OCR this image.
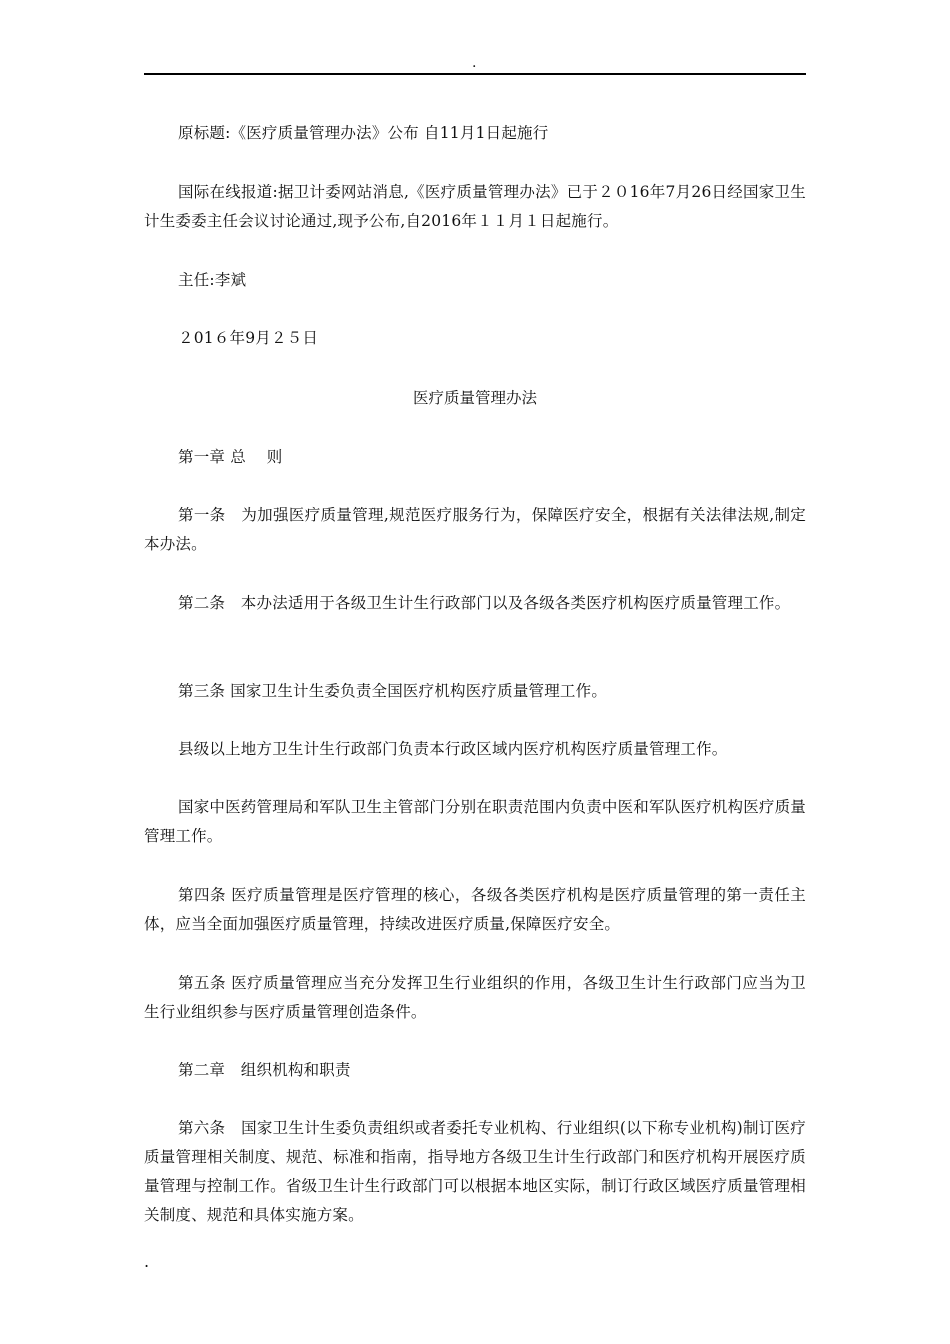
.

原标题:《医疗质量管理办法》公布 自11月1日起施行

国际在线报道:据卫计委网站消息,《医疗质量管理办法》已于２０16年7月26日经国家卫生计生委委主任会议讨论通过,现予公布,自2016年１１月１日起施行。

主任:李斌

２01６年9月２５日

医疗质量管理办法

第一章 总　 则

第一条　为加强医疗质量管理,规范医疗服务行为，保障医疗安全，根据有关法律法规,制定本办法。

第二条　本办法适用于各级卫生计生行政部门以及各级各类医疗机构医疗质量管理工作。

第三条 国家卫生计生委负责全国医疗机构医疗质量管理工作。

县级以上地方卫生计生行政部门负责本行政区域内医疗机构医疗质量管理工作。

国家中医药管理局和军队卫生主管部门分别在职责范围内负责中医和军队医疗机构医疗质量管理工作。

第四条 医疗质量管理是医疗管理的核心，各级各类医疗机构是医疗质量管理的第一责任主体，应当全面加强医疗质量管理，持续改进医疗质量,保障医疗安全。

第五条 医疗质量管理应当充分发挥卫生行业组织的作用，各级卫生计生行政部门应当为卫生行业组织参与医疗质量管理创造条件。

第二章　组织机构和职责

第六条　国家卫生计生委负责组织或者委托专业机构、行业组织(以下称专业机构)制订医疗质量管理相关制度、规范、标准和指南，指导地方各级卫生计生行政部门和医疗机构开展医疗质量管理与控制工作。省级卫生计生行政部门可以根据本地区实际，制订行政区域医疗质量管理相关制度、规范和具体实施方案。

.
